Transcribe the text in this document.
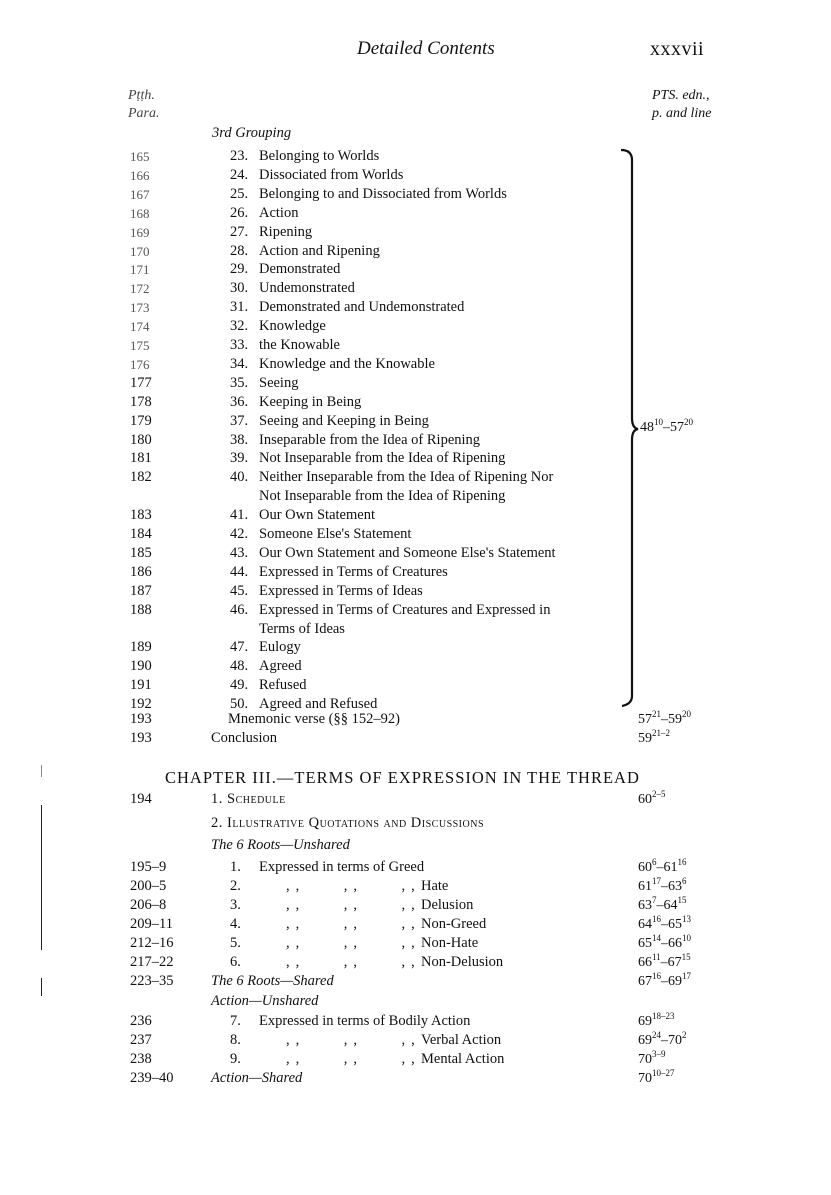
Detailed Contents	xxxvii
Pṭṭh.
Para.
PTS. edn.,
p. and line
3rd Grouping
165	23. Belonging to Worlds
166	24. Dissociated from Worlds
167	25. Belonging to and Dissociated from Worlds
168	26. Action
169	27. Ripening
170	28. Action and Ripening
171	29. Demonstrated
172	30. Undemonstrated
173	31. Demonstrated and Undemonstrated
174	32. Knowledge
175	33. the Knowable
176	34. Knowledge and the Knowable
177	35. Seeing
178	36. Keeping in Being
179	37. Seeing and Keeping in Being
180	38. Inseparable from the Idea of Ripening
181	39. Not Inseparable from the Idea of Ripening
182	40. Neither Inseparable from the Idea of Ripening Nor
Not Inseparable from the Idea of Ripening
183	41. Our Own Statement
184	42. Someone Else's Statement
185	43. Our Own Statement and Someone Else's Statement
186	44. Expressed in Terms of Creatures
187	45. Expressed in Terms of Ideas
188	46. Expressed in Terms of Creatures and Expressed in
Terms of Ideas
189	47. Eulogy
190	48. Agreed
191	49. Refused
192	50. Agreed and Refused
$48^{10}-57^{20}$
193	Mnemonic verse (§§ 152–92)	$57^{21}-59^{20}$
193	Conclusion	59$^{21-2}$
CHAPTER III.—TERMS OF EXPRESSION IN THE THREAD
194	1. Schedule	60$^{2-5}$
2. Illustrative Quotations and Discussions
The 6 Roots—Unshared
195–9	1. Expressed in terms of Greed	$60^6-61^{16}$
200–5	2.	,,    ,,    ,, Hate	$61^{17}-63^6$
206–8	3.	,,    ,,    ,, Delusion	$63^7-64^{15}$
209–11	4.	,,    ,,    ,, Non-Greed	$64^{16}-65^{13}$
212–16	5.	,,    ,,    ,, Non-Hate	$65^{14}-66^{10}$
217–22	6.	,,    ,,    ,, Non-Delusion	$66^{11}-67^{15}$
223–35	The 6 Roots—Shared	$67^{16}-69^{17}$
Action—Unshared
236	7. Expressed in terms of Bodily Action	69$^{18-23}$
237	8.	,,    ,,    ,, Verbal Action	$69^{24}-70^2$
238	9.	,,    ,,    ,, Mental Action	70$^{3-9}$
239–40	Action—Shared	70$^{10-27}$
